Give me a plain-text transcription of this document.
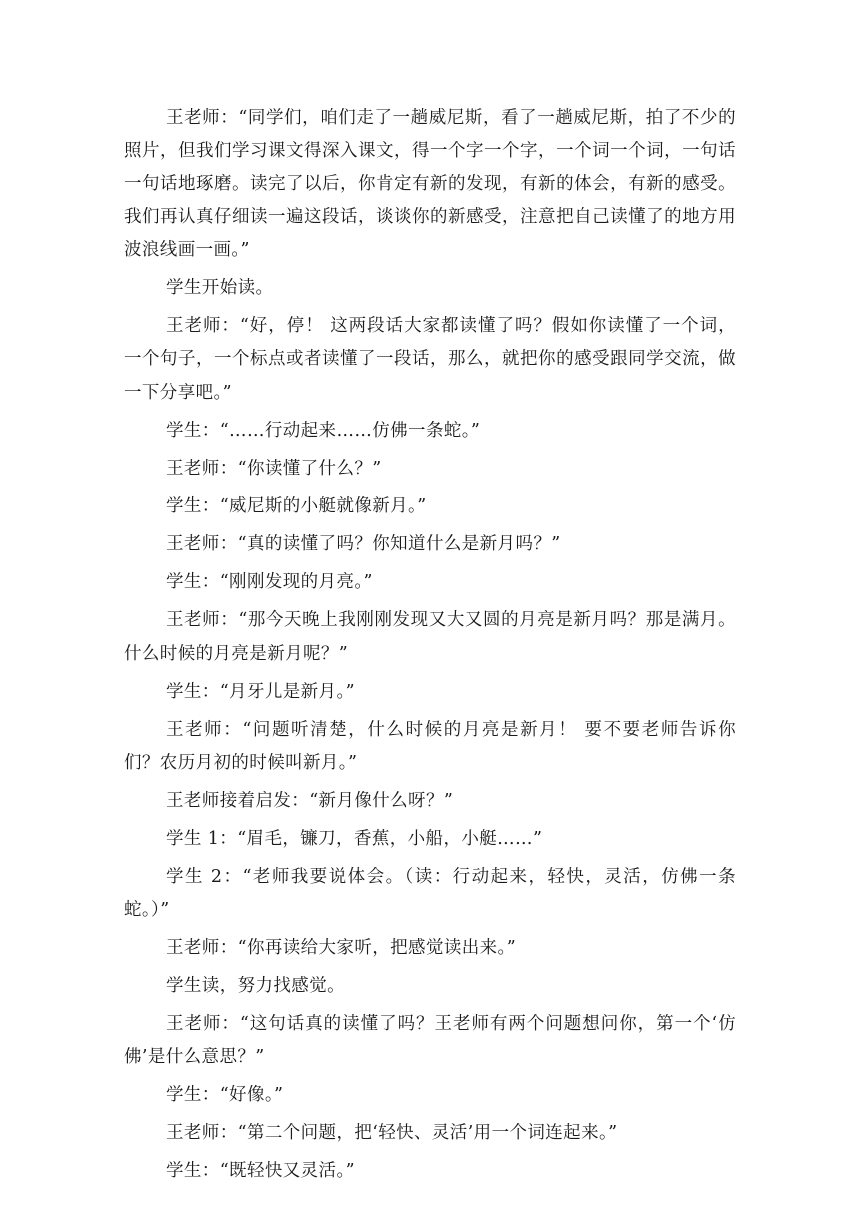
王老师：“同学们，咱们走了一趟威尼斯，看了一趟威尼斯，拍了不少的照片，但我们学习课文得深入课文，得一个字一个字，一个词一个词，一句话一句话地琢磨。读完了以后，你肯定有新的发现，有新的体会，有新的感受。我们再认真仔细读一遍这段话，谈谈你的新感受，注意把自己读懂了的地方用波浪线画一画。”

学生开始读。

王老师：“好，停！ 这两段话大家都读懂了吗？假如你读懂了一个词，一个句子，一个标点或者读懂了一段话，那么，就把你的感受跟同学交流，做一下分享吧。”

学生：“……行动起来……仿佛一条蛇。”

王老师：“你读懂了什么？”

学生：“威尼斯的小艇就像新月。”

王老师：“真的读懂了吗？你知道什么是新月吗？”

学生：“刚刚发现的月亮。”

王老师：“那今天晚上我刚刚发现又大又圆的月亮是新月吗？那是满月。什么时候的月亮是新月呢？”

学生：“月牙儿是新月。”

王老师：“问题听清楚，什么时候的月亮是新月！ 要不要老师告诉你们？农历月初的时候叫新月。”

王老师接着启发：“新月像什么呀？”

学生 1：“眉毛，镰刀，香蕉，小船，小艇……”

学生 2：“老师我要说体会。（读：行动起来，轻快，灵活，仿佛一条蛇。）”

王老师：“你再读给大家听，把感觉读出来。”

学生读，努力找感觉。

王老师：“这句话真的读懂了吗？王老师有两个问题想问你，第一个‘仿佛’是什么意思？”

学生：“好像。”

王老师：“第二个问题，把‘轻快、灵活’用一个词连起来。”

学生：“既轻快又灵活。”
